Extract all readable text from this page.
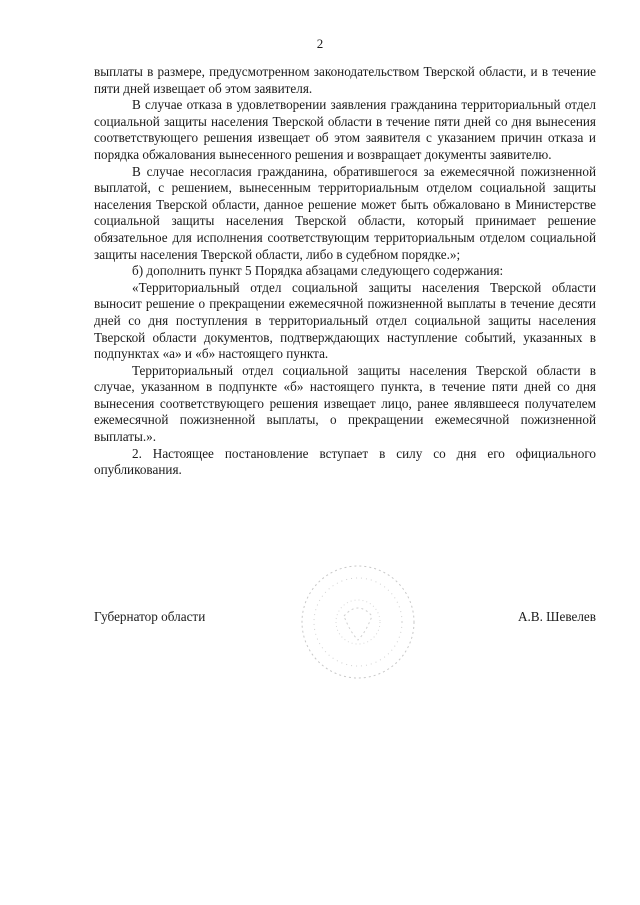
2

выплаты в размере, предусмотренном законодательством Тверской области, и в течение пяти дней извещает об этом заявителя.

В случае отказа в удовлетворении заявления гражданина территориальный отдел социальной защиты населения Тверской области в течение пяти дней со дня вынесения соответствующего решения извещает об этом заявителя с указанием причин отказа и порядка обжалования вынесенного решения и возвращает документы заявителю.

В случае несогласия гражданина, обратившегося за ежемесячной пожизненной выплатой, с решением, вынесенным территориальным отделом социальной защиты населения Тверской области, данное решение может быть обжаловано в Министерстве социальной защиты населения Тверской области, который принимает решение обязательное для исполнения соответствующим территориальным отделом социальной защиты населения Тверской области, либо в судебном порядке.»;

б) дополнить пункт 5 Порядка абзацами следующего содержания:

«Территориальный отдел социальной защиты населения Тверской области выносит решение о прекращении ежемесячной пожизненной выплаты в течение десяти дней со дня поступления в территориальный отдел социальной защиты населения Тверской области документов, подтверждающих наступление событий, указанных в подпунктах «а» и «б» настоящего пункта.

Территориальный отдел социальной защиты населения Тверской области в случае, указанном в подпункте «б» настоящего пункта, в течение пяти дней со дня вынесения соответствующего решения извещает лицо, ранее являвшееся получателем ежемесячной пожизненной выплаты, о прекращении ежемесячной пожизненной выплаты.».

2. Настоящее постановление вступает в силу со дня его официального опубликования.

Губернатор области	А.В. Шевелев
